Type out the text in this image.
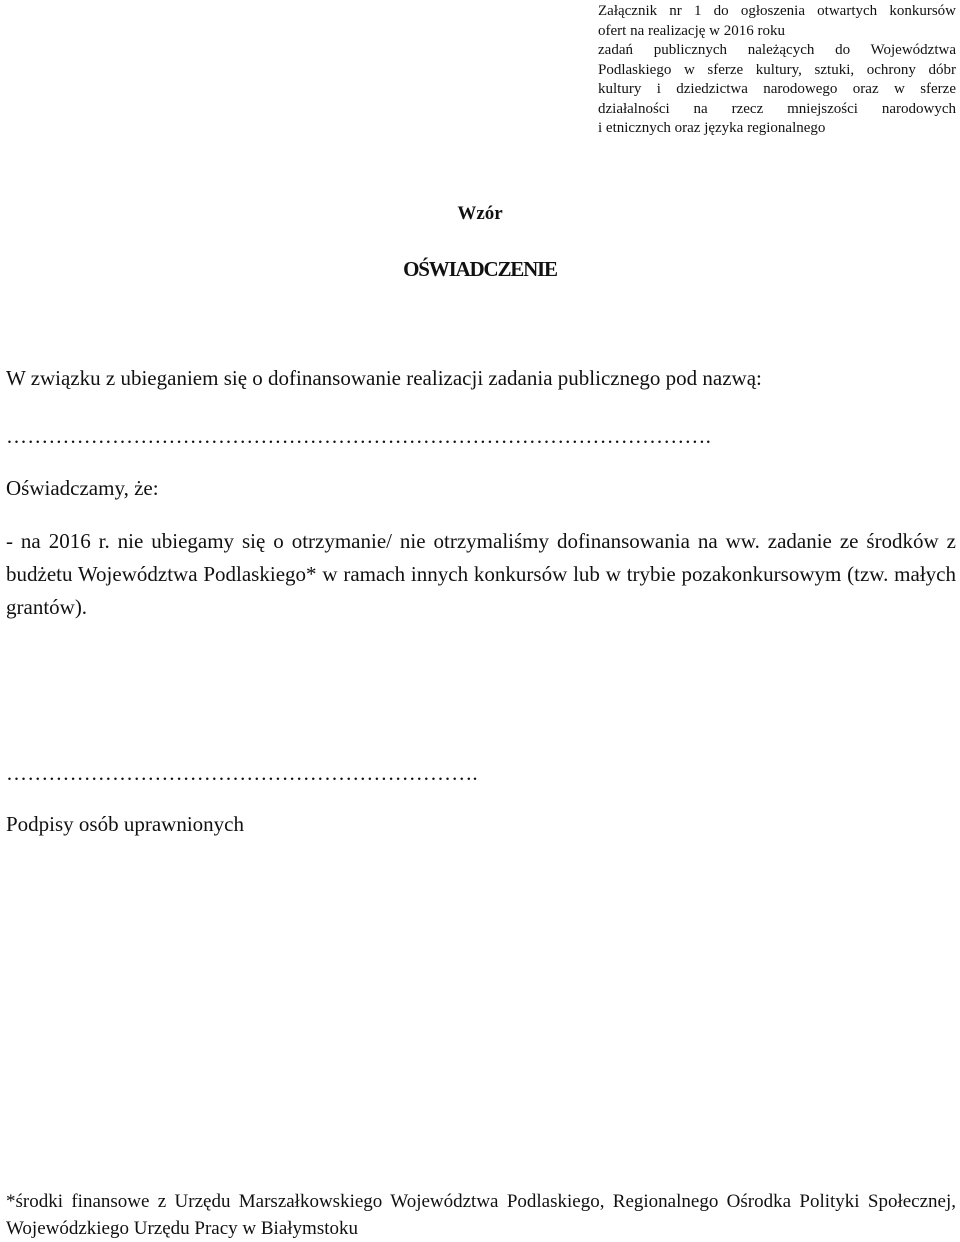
Załącznik nr 1 do ogłoszenia otwartych konkursów
ofert na realizację w 2016 roku
zadań publicznych należących do Województwa
Podlaskiego w sferze kultury, sztuki, ochrony dóbr
kultury i dziedzictwa narodowego oraz w sferze
działalności na rzecz mniejszości narodowych
i etnicznych oraz języka regionalnego
Wzór
OŚWIADCZENIE
W związku z ubieganiem się o dofinansowanie realizacji zadania publicznego pod nazwą:
……………………………………………………………………………………….
Oświadczamy, że:
- na 2016 r. nie ubiegamy się o otrzymanie/ nie otrzymaliśmy dofinansowania na ww. zadanie ze środków z budżetu Województwa Podlaskiego* w ramach innych konkursów lub w trybie pozakonkursowym (tzw. małych grantów).
………………………………………………………….
Podpisy osób uprawnionych
*środki finansowe z Urzędu Marszałkowskiego Województwa Podlaskiego, Regionalnego Ośrodka Polityki Społecznej, Wojewódzkiego Urzędu Pracy w Białymstoku
